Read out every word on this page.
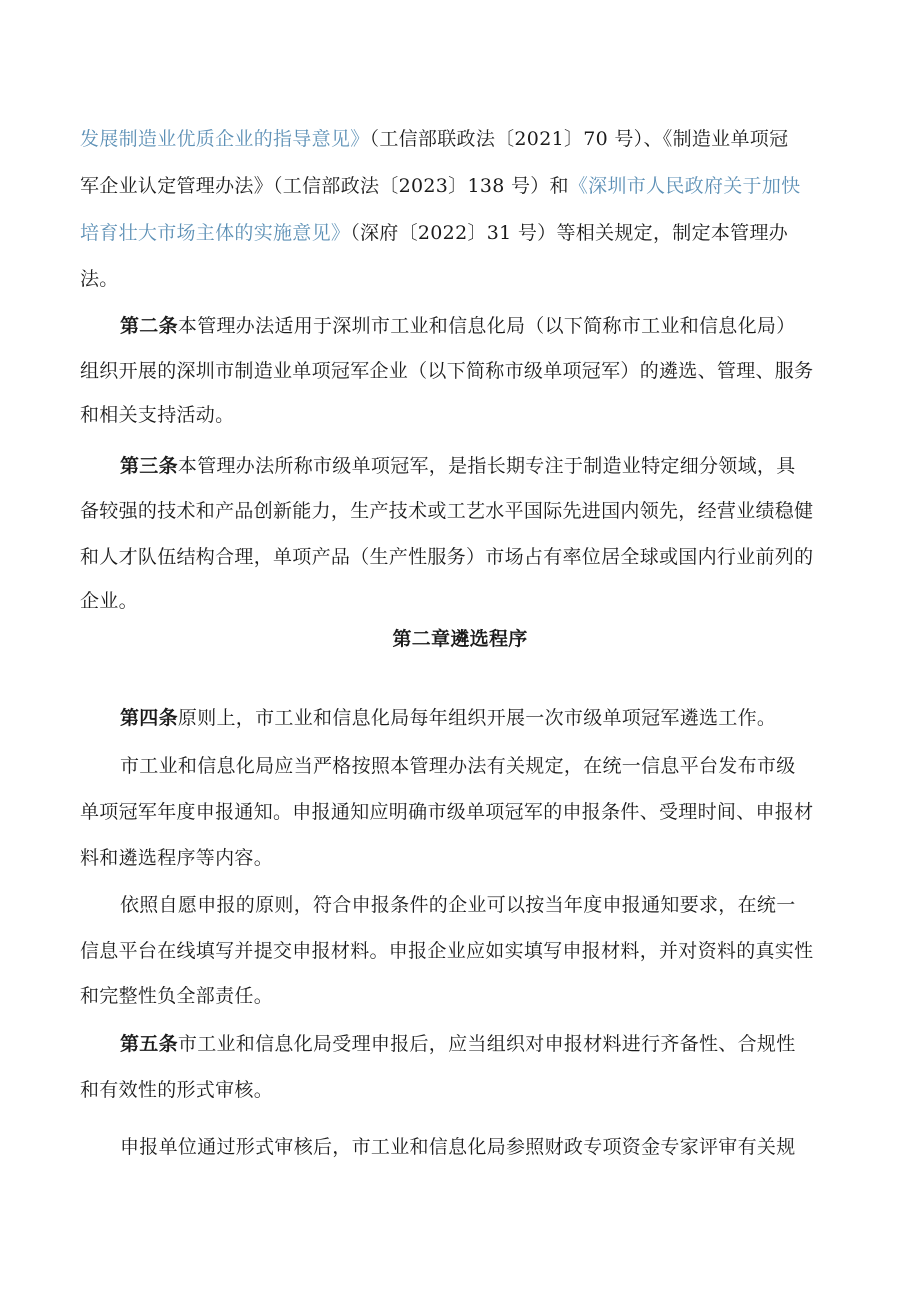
发展制造业优质企业的指导意见》（工信部联政法〔2021〕70 号）、《制造业单项冠
军企业认定管理办法》（工信部政法〔2023〕138 号）和《深圳市人民政府关于加快
培育壮大市场主体的实施意见》（深府〔2022〕31 号）等相关规定，制定本管理办
法。
第二条本管理办法适用于深圳市工业和信息化局（以下简称市工业和信息化局）
组织开展的深圳市制造业单项冠军企业（以下简称市级单项冠军）的遴选、管理、服务
和相关支持活动。
第三条本管理办法所称市级单项冠军，是指长期专注于制造业特定细分领域，具
备较强的技术和产品创新能力，生产技术或工艺水平国际先进国内领先，经营业绩稳健
和人才队伍结构合理，单项产品（生产性服务）市场占有率位居全球或国内行业前列的
企业。
第二章遴选程序
第四条原则上，市工业和信息化局每年组织开展一次市级单项冠军遴选工作。
市工业和信息化局应当严格按照本管理办法有关规定，在统一信息平台发布市级
单项冠军年度申报通知。申报通知应明确市级单项冠军的申报条件、受理时间、申报材
料和遴选程序等内容。
依照自愿申报的原则，符合申报条件的企业可以按当年度申报通知要求，在统一
信息平台在线填写并提交申报材料。申报企业应如实填写申报材料，并对资料的真实性
和完整性负全部责任。
第五条市工业和信息化局受理申报后，应当组织对申报材料进行齐备性、合规性
和有效性的形式审核。
申报单位通过形式审核后，市工业和信息化局参照财政专项资金专家评审有关规
